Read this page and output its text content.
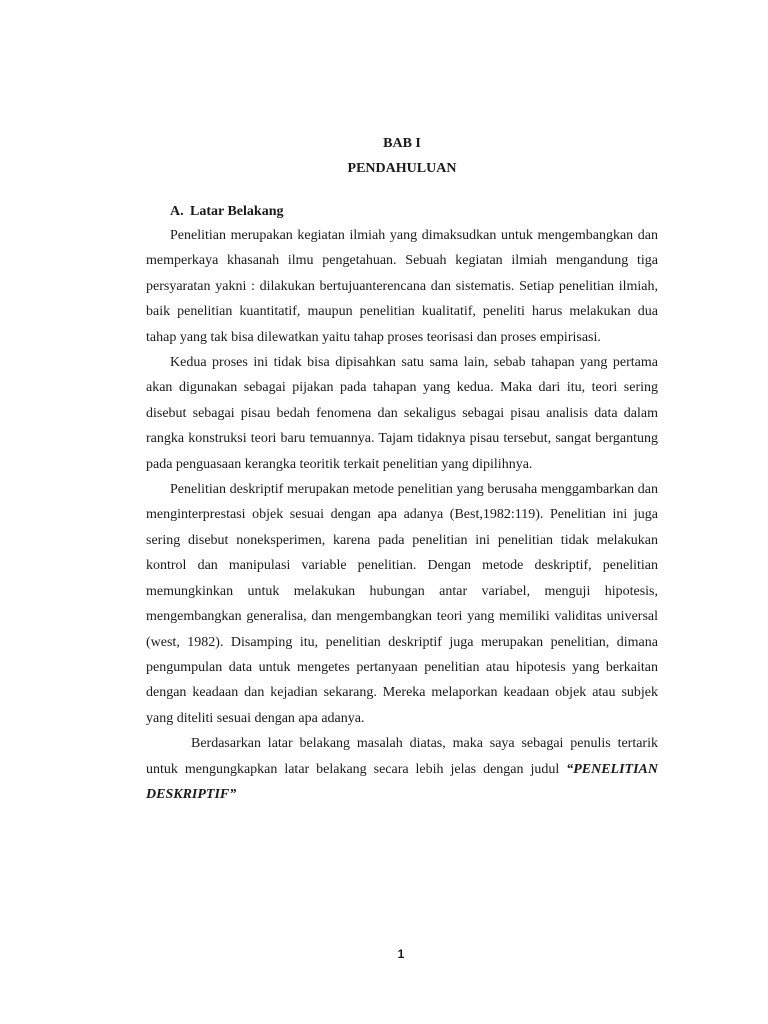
BAB I

PENDAHULUAN

A. Latar Belakang

Penelitian merupakan kegiatan ilmiah yang dimaksudkan untuk mengembangkan dan memperkaya khasanah ilmu pengetahuan. Sebuah kegiatan ilmiah mengandung tiga persyaratan yakni : dilakukan bertujuanterencana dan sistematis. Setiap penelitian ilmiah, baik penelitian kuantitatif, maupun penelitian kualitatif, peneliti harus melakukan dua tahap yang tak bisa dilewatkan yaitu tahap proses teorisasi dan proses empirisasi.

Kedua proses ini tidak bisa dipisahkan satu sama lain, sebab tahapan yang pertama akan digunakan sebagai pijakan pada tahapan yang kedua. Maka dari itu, teori sering disebut sebagai pisau bedah fenomena dan sekaligus sebagai pisau analisis data dalam rangka konstruksi teori baru temuannya. Tajam tidaknya pisau tersebut, sangat bergantung pada penguasaan kerangka teoritik terkait penelitian yang dipilihnya.

Penelitian deskriptif merupakan metode penelitian yang berusaha menggambarkan dan menginterprestasi objek sesuai dengan apa adanya (Best,1982:119). Penelitian ini juga sering disebut noneksperimen, karena pada penelitian ini penelitian tidak melakukan kontrol dan manipulasi variable penelitian. Dengan metode deskriptif, penelitian memungkinkan untuk melakukan hubungan antar variabel, menguji hipotesis, mengembangkan generalisa, dan mengembangkan teori yang memiliki validitas universal (west, 1982). Disamping itu, penelitian deskriptif juga merupakan penelitian, dimana pengumpulan data untuk mengetes pertanyaan penelitian atau hipotesis yang berkaitan dengan keadaan dan kejadian sekarang. Mereka melaporkan keadaan objek atau subjek yang diteliti sesuai dengan apa adanya.

Berdasarkan latar belakang masalah diatas, maka saya sebagai penulis tertarik untuk mengungkapkan latar belakang secara lebih jelas dengan judul “PENELITIAN DESKRIPTIF”

1
